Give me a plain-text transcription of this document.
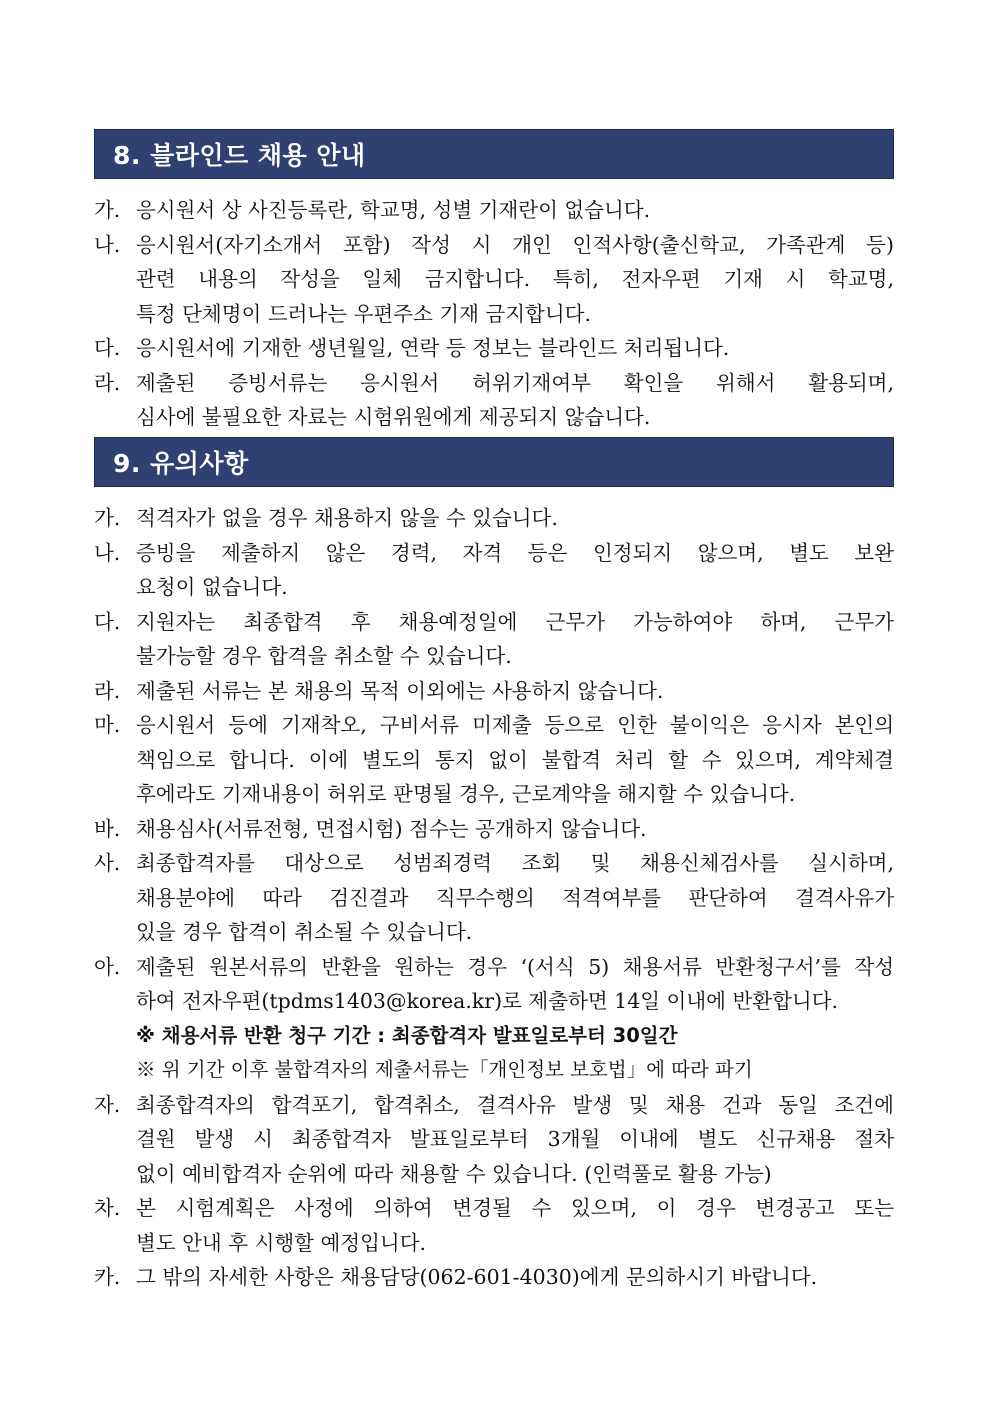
8. 블라인드 채용 안내
가. 응시원서 상 사진등록란, 학교명, 성별 기재란이 없습니다.
나. 응시원서(자기소개서 포함) 작성 시 개인 인적사항(출신학교, 가족관계 등)
관련 내용의 작성을 일체 금지합니다. 특히, 전자우편 기재 시 학교명,
특정 단체명이 드러나는 우편주소 기재 금지합니다.
다. 응시원서에 기재한 생년월일, 연락 등 정보는 블라인드 처리됩니다.
라. 제출된 증빙서류는 응시원서 허위기재여부 확인을 위해서 활용되며,
심사에 불필요한 자료는 시험위원에게 제공되지 않습니다.
9. 유의사항
가. 적격자가 없을 경우 채용하지 않을 수 있습니다.
나. 증빙을 제출하지 않은 경력, 자격 등은 인정되지 않으며, 별도 보완
요청이 없습니다.
다. 지원자는 최종합격 후 채용예정일에 근무가 가능하여야 하며, 근무가
불가능할 경우 합격을 취소할 수 있습니다.
라. 제출된 서류는 본 채용의 목적 이외에는 사용하지 않습니다.
마. 응시원서 등에 기재착오, 구비서류 미제출 등으로 인한 불이익은 응시자 본인의
책임으로 합니다. 이에 별도의 통지 없이 불합격 처리 할 수 있으며, 계약체결
후에라도 기재내용이 허위로 판명될 경우, 근로계약을 해지할 수 있습니다.
바. 채용심사(서류전형, 면접시험) 점수는 공개하지 않습니다.
사. 최종합격자를 대상으로 성범죄경력 조회 및 채용신체검사를 실시하며,
채용분야에 따라 검진결과 직무수행의 적격여부를 판단하여 결격사유가
있을 경우 합격이 취소될 수 있습니다.
아. 제출된 원본서류의 반환을 원하는 경우 ‘(서식 5) 채용서류 반환청구서’를 작성
하여 전자우편(tpdms1403@korea.kr)로 제출하면 14일 이내에 반환합니다.
※ 채용서류 반환 청구 기간 : 최종합격자 발표일로부터 30일간
※ 위 기간 이후 불합격자의 제출서류는「개인정보 보호법」에 따라 파기
자. 최종합격자의 합격포기, 합격취소, 결격사유 발생 및 채용 건과 동일 조건에
결원 발생 시 최종합격자 발표일로부터 3개월 이내에 별도 신규채용 절차
없이 예비합격자 순위에 따라 채용할 수 있습니다. (인력풀로 활용 가능)
차. 본 시험계획은 사정에 의하여 변경될 수 있으며, 이 경우 변경공고 또는
별도 안내 후 시행할 예정입니다.
카. 그 밖의 자세한 사항은 채용담당(062-601-4030)에게 문의하시기 바랍니다.
